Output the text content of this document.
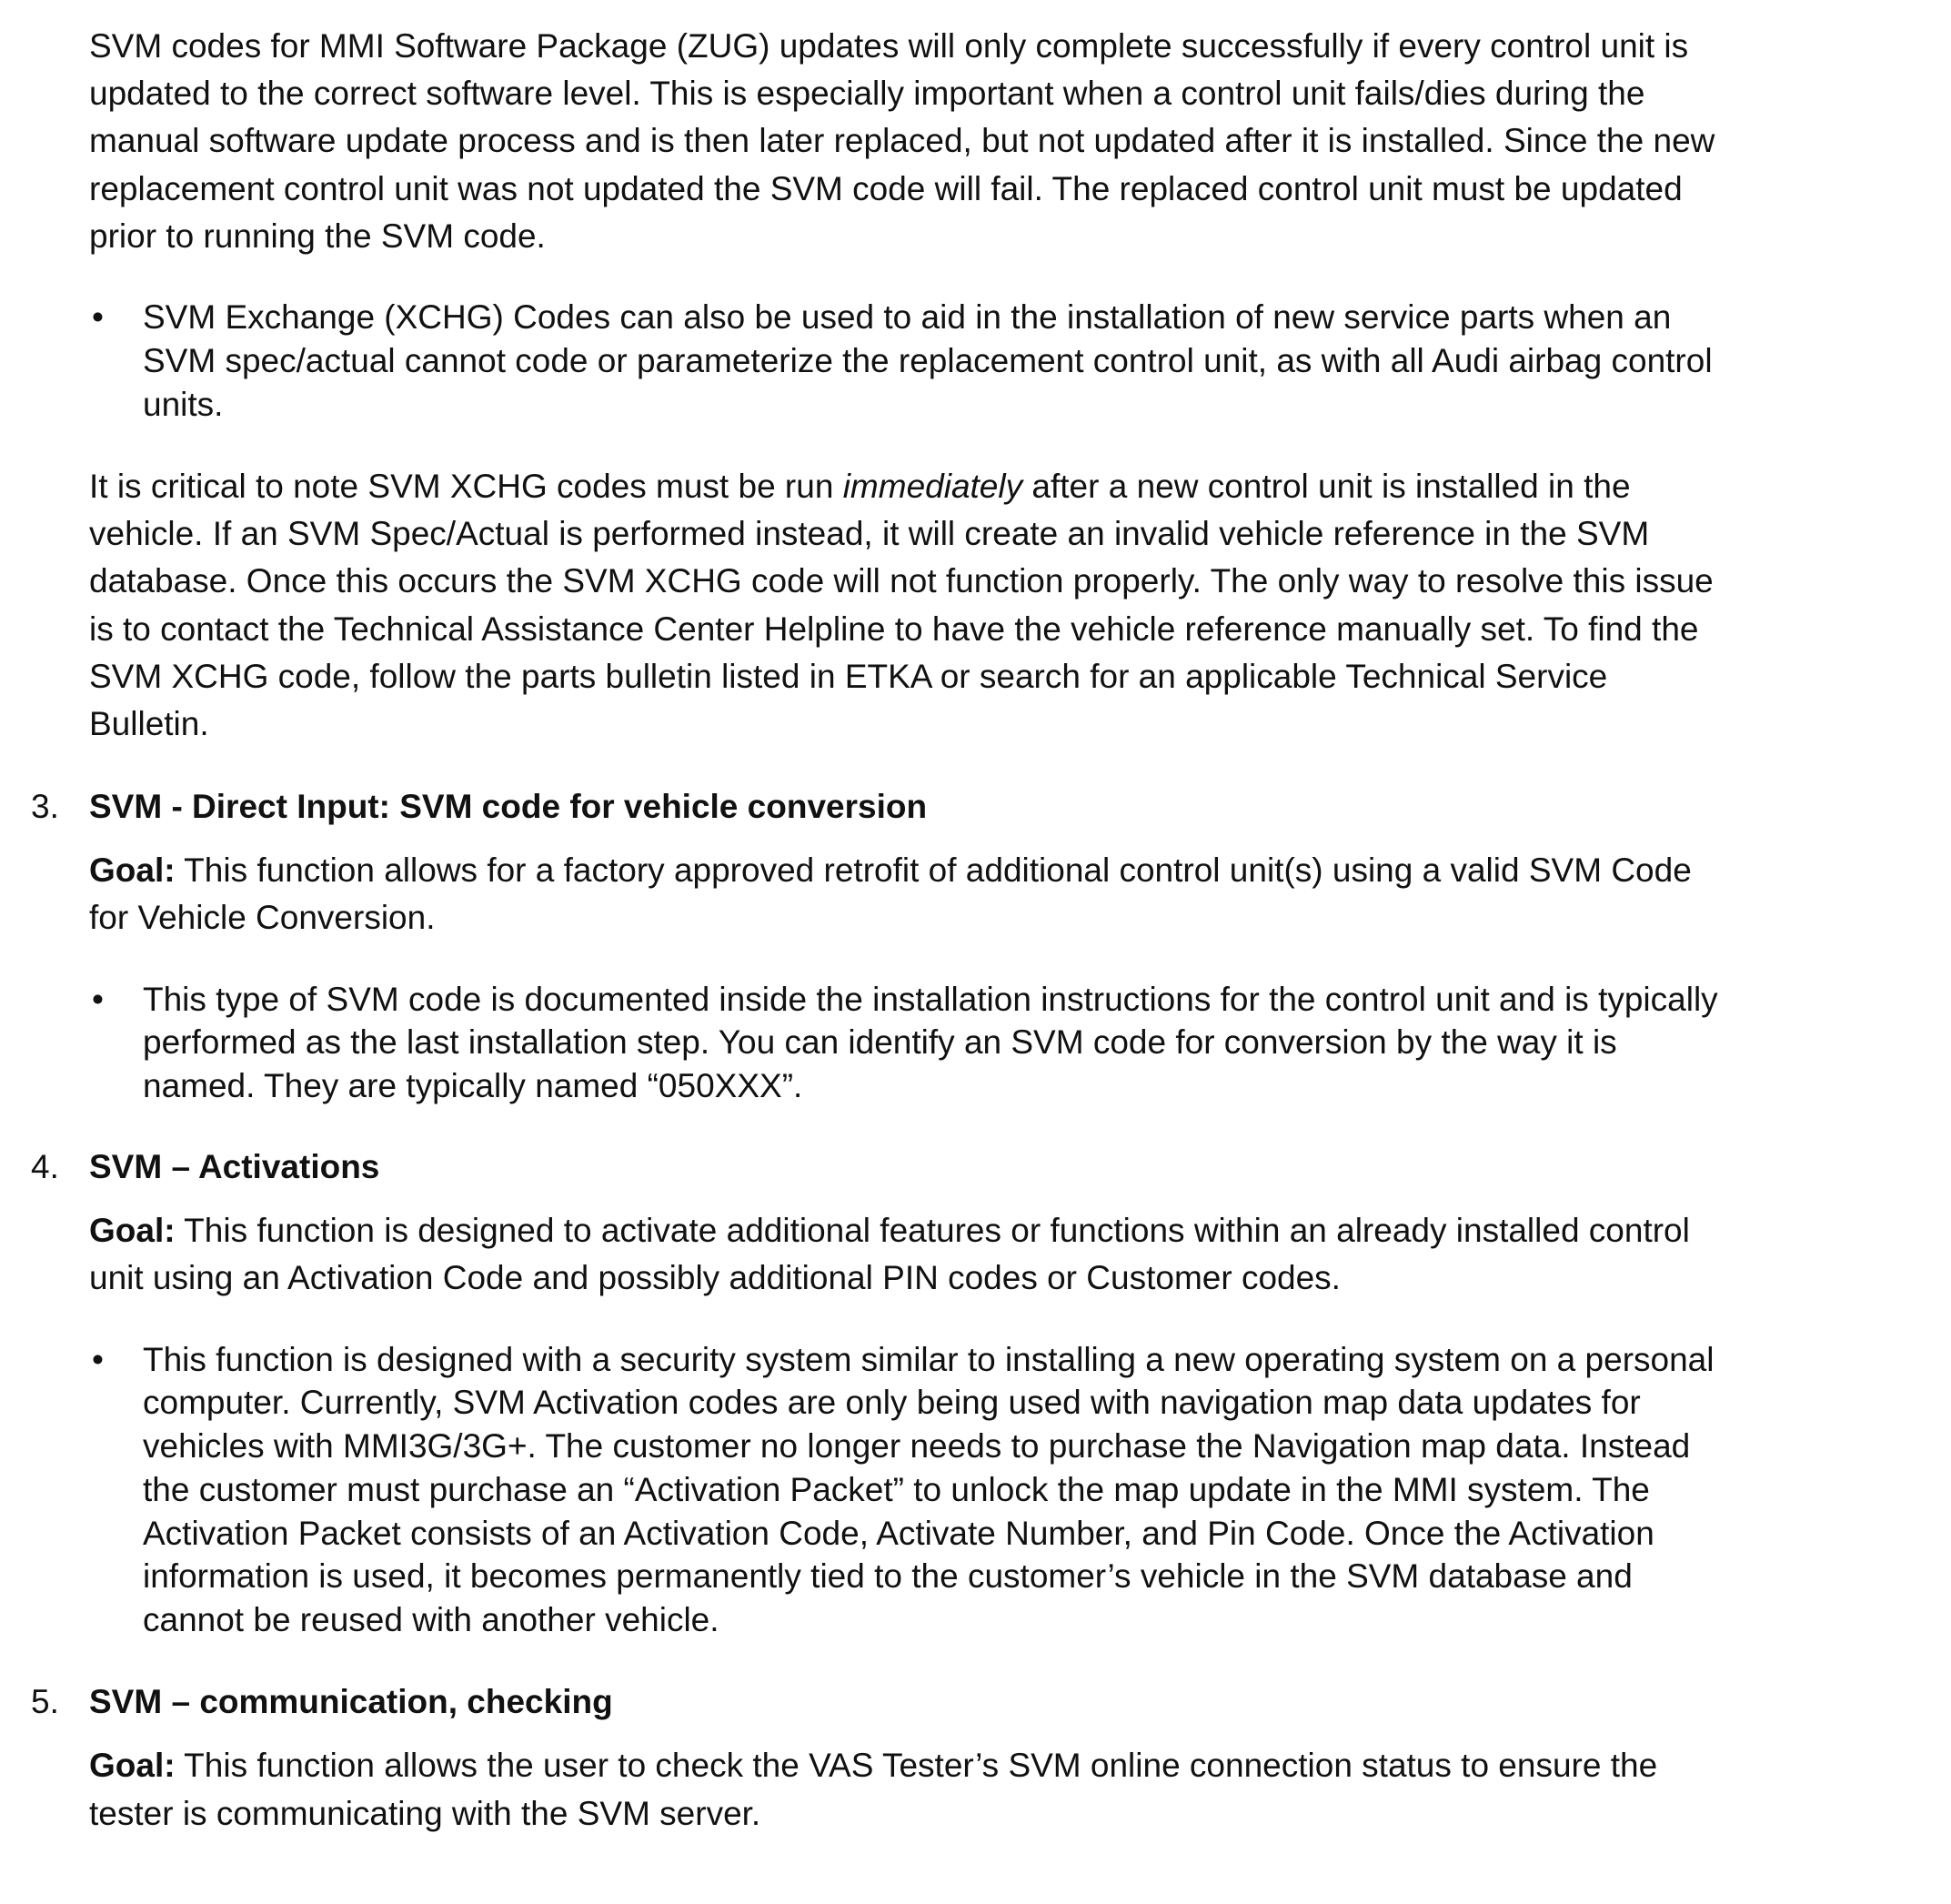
SVM codes for MMI Software Package (ZUG) updates will only complete successfully if every control unit is
updated to the correct software level. This is especially important when a control unit fails/dies during the
manual software update process and is then later replaced, but not updated after it is installed. Since the new
replacement control unit was not updated the SVM code will fail. The replaced control unit must be updated
prior to running the SVM code.
• SVM Exchange (XCHG) Codes can also be used to aid in the installation of new service parts when an
SVM spec/actual cannot code or parameterize the replacement control unit, as with all Audi airbag control
units.
It is critical to note SVM XCHG codes must be run immediately after a new control unit is installed in the
vehicle. If an SVM Spec/Actual is performed instead, it will create an invalid vehicle reference in the SVM
database. Once this occurs the SVM XCHG code will not function properly. The only way to resolve this issue
is to contact the Technical Assistance Center Helpline to have the vehicle reference manually set. To find the
SVM XCHG code, follow the parts bulletin listed in ETKA or search for an applicable Technical Service
Bulletin.
3. SVM - Direct Input: SVM code for vehicle conversion
Goal: This function allows for a factory approved retrofit of additional control unit(s) using a valid SVM Code
for Vehicle Conversion.
• This type of SVM code is documented inside the installation instructions for the control unit and is typically
performed as the last installation step. You can identify an SVM code for conversion by the way it is
named. They are typically named “050XXX”.
4. SVM – Activations
Goal: This function is designed to activate additional features or functions within an already installed control
unit using an Activation Code and possibly additional PIN codes or Customer codes.
• This function is designed with a security system similar to installing a new operating system on a personal
computer. Currently, SVM Activation codes are only being used with navigation map data updates for
vehicles with MMI3G/3G+. The customer no longer needs to purchase the Navigation map data. Instead
the customer must purchase an “Activation Packet” to unlock the map update in the MMI system. The
Activation Packet consists of an Activation Code, Activate Number, and Pin Code. Once the Activation
information is used, it becomes permanently tied to the customer’s vehicle in the SVM database and
cannot be reused with another vehicle.
5. SVM – communication, checking
Goal: This function allows the user to check the VAS Tester’s SVM online connection status to ensure the
tester is communicating with the SVM server.
